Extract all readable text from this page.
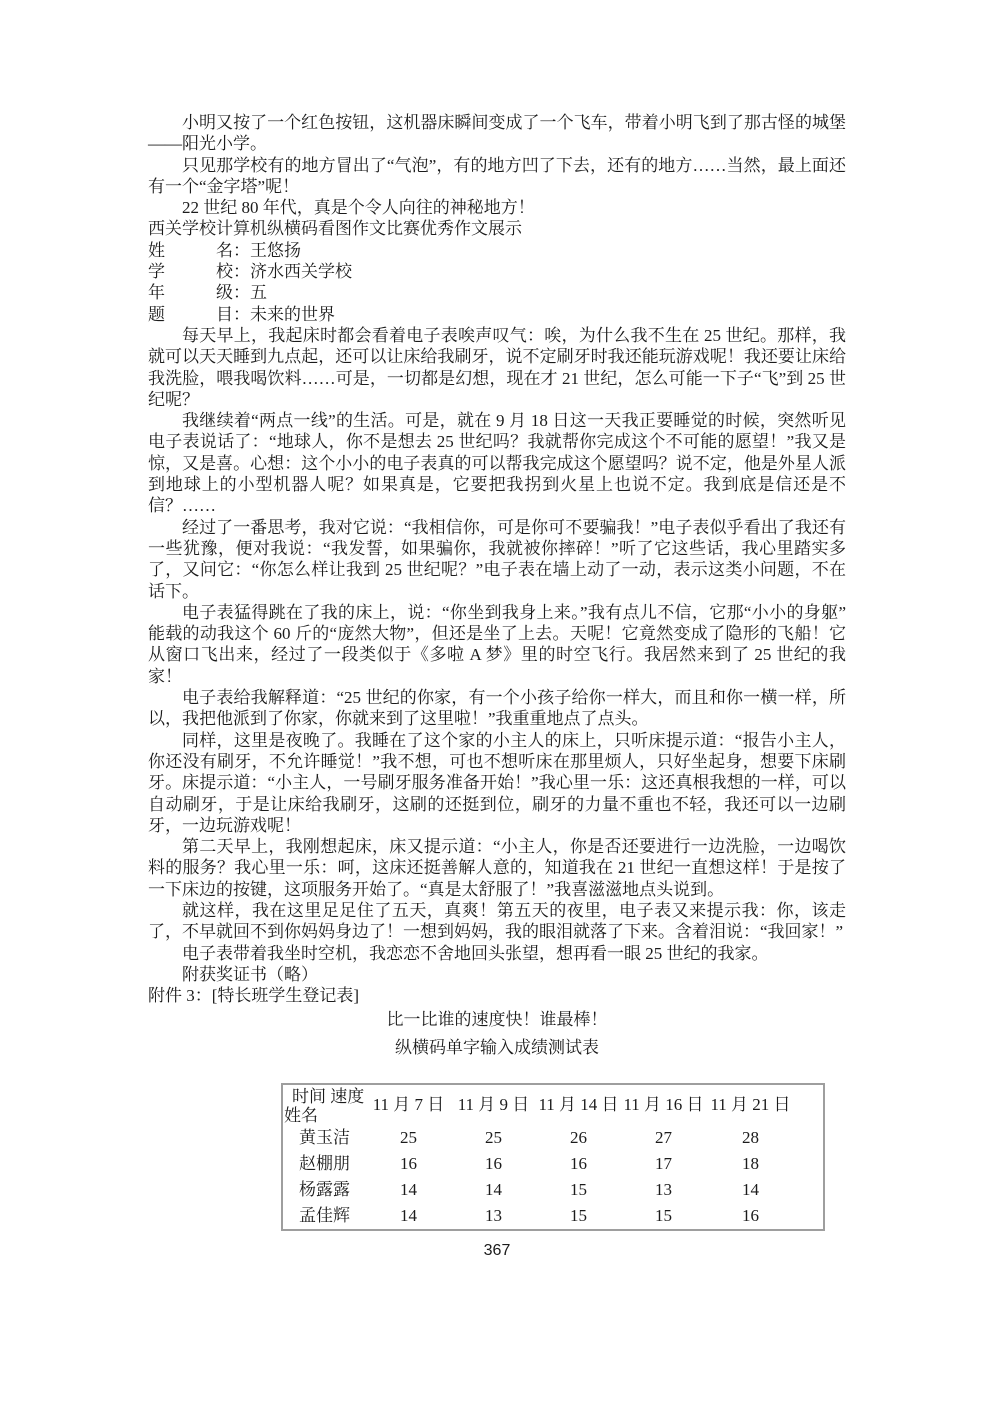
小明又按了一个红色按钮，这机器床瞬间变成了一个飞车，带着小明飞到了那古怪的城堡——阳光小学。

只见那学校有的地方冒出了“气泡”，有的地方凹了下去，还有的地方……当然，最上面还有一个“金字塔”呢！

22 世纪 80 年代，真是个令人向往的神秘地方！

西关学校计算机纵横码看图作文比赛优秀作文展示

姓　　　名：王悠扬

学　　　校：济水西关学校

年　　　级：五

题　　　目：未来的世界

每天早上，我起床时都会看着电子表唉声叹气：唉，为什么我不生在 25 世纪。那样，我就可以天天睡到九点起，还可以让床给我刷牙，说不定刷牙时我还能玩游戏呢！我还要让床给我洗脸，喂我喝饮料……可是，一切都是幻想，现在才 21 世纪，怎么可能一下子“飞”到 25 世纪呢？

我继续着“两点一线”的生活。可是，就在 9 月 18 日这一天我正要睡觉的时候，突然听见电子表说话了：“地球人，你不是想去 25 世纪吗？我就帮你完成这个不可能的愿望！”我又是惊，又是喜。心想：这个小小的电子表真的可以帮我完成这个愿望吗？说不定，他是外星人派到地球上的小型机器人呢？如果真是，它要把我拐到火星上也说不定。我到底是信还是不信？……

经过了一番思考，我对它说：“我相信你，可是你可不要骗我！”电子表似乎看出了我还有一些犹豫，便对我说：“我发誓，如果骗你，我就被你摔碎！”听了它这些话，我心里踏实多了，又问它：“你怎么样让我到 25 世纪呢？”电子表在墙上动了一动，表示这类小问题，不在话下。

电子表猛得跳在了我的床上，说：“你坐到我身上来。”我有点儿不信，它那“小小的身躯”能载的动我这个 60 斤的“庞然大物”，但还是坐了上去。天呢！它竟然变成了隐形的飞船！它从窗口飞出来，经过了一段类似于《多啦 A 梦》里的时空飞行。我居然来到了 25 世纪的我家！

电子表给我解释道：“25 世纪的你家，有一个小孩子给你一样大，而且和你一横一样，所以，我把他派到了你家，你就来到了这里啦！”我重重地点了点头。

同样，这里是夜晚了。我睡在了这个家的小主人的床上，只听床提示道：“报告小主人，你还没有刷牙，不允许睡觉！”我不想，可也不想听床在那里烦人，只好坐起身，想要下床刷牙。床提示道：“小主人，一号刷牙服务准备开始！”我心里一乐：这还真根我想的一样，可以自动刷牙，于是让床给我刷牙，这刷的还挺到位，刷牙的力量不重也不轻，我还可以一边刷牙，一边玩游戏呢！

第二天早上，我刚想起床，床又提示道：“小主人，你是否还要进行一边洗脸，一边喝饮料的服务？我心里一乐：呵，这床还挺善解人意的，知道我在 21 世纪一直想这样！于是按了一下床边的按键，这项服务开始了。“真是太舒服了！”我喜滋滋地点头说到。

就这样，我在这里足足住了五天，真爽！第五天的夜里，电子表又来提示我：你，该走了，不早就回不到你妈妈身边了！一想到妈妈，我的眼泪就落了下来。含着泪说：“我回家！”

电子表带着我坐时空机，我恋恋不舍地回头张望，想再看一眼 25 世纪的我家。

附获奖证书（略）

附件 3：[特长班学生登记表]

比一比谁的速度快！谁最棒！

纵横码单字输入成绩测试表

时间 速度
姓名	11 月 7 日	11 月 9 日	11 月 14 日	11 月 16 日	11 月 21 日
黄玉洁	25	25	26	27	28
赵棚朋	16	16	16	17	18
杨露露	14	14	15	13	14
孟佳辉	14	13	15	15	16
367
